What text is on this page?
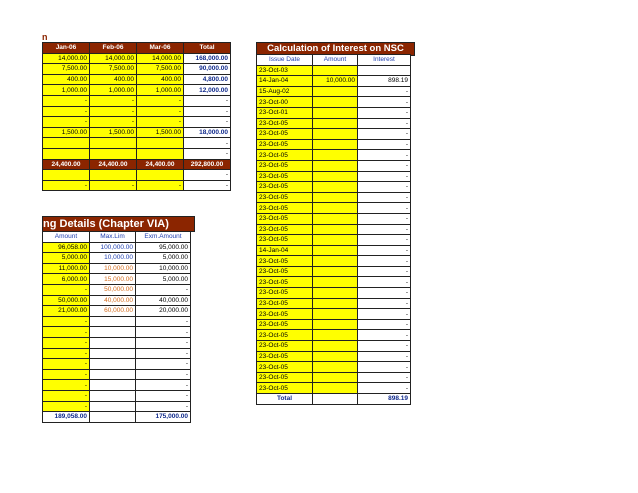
n
Jan-06	Feb-06	Mar-06	Total
14,000.00	14,000.00	14,000.00	168,000.00
7,500.00	7,500.00	7,500.00	90,000.00
400.00	400.00	400.00	4,800.00
1,000.00	1,000.00	1,000.00	12,000.00
-	-	-	-
-	-	-	-
-	-	-	-
1,500.00	1,500.00	1,500.00	18,000.00
			-
			-
24,400.00	24,400.00	24,400.00	292,800.00
			-
-	-	-	-
Calculation of Interest on NSC
Issue Date	Amount	Interest
23-Oct-03		
14-Jan-04	10,000.00	898.19
15-Aug-02		-
23-Oct-00		-
23-Oct-01		-
23-Oct-05		-
23-Oct-05		-
23-Oct-05		-
23-Oct-05		-
23-Oct-05		-
23-Oct-05		-
23-Oct-05		-
23-Oct-05		-
23-Oct-05		-
23-Oct-05		-
23-Oct-05		-
23-Oct-05		-
14-Jan-04		-
23-Oct-05		-
23-Oct-05		-
23-Oct-05		-
23-Oct-05		-
23-Oct-05		-
23-Oct-05		-
23-Oct-05		-
23-Oct-05		-
23-Oct-05		-
23-Oct-05		-
23-Oct-05		-
23-Oct-05		-
23-Oct-05		-
Total		898.19
ng Details (Chapter VIA)
Amount	Max.Lim	Exm.Amount
96,058.00	100,000.00	95,000.00
5,000.00	10,000.00	5,000.00
11,000.00	10,000.00	10,000.00
6,000.00	15,000.00	5,000.00
-	50,000.00	-
50,000.00	40,000.00	40,000.00
21,000.00	60,000.00	20,000.00
-		-
-		-
-		-
-		-
-		-
-		-
-		-
-		-
-		-
189,058.00		175,000.00
